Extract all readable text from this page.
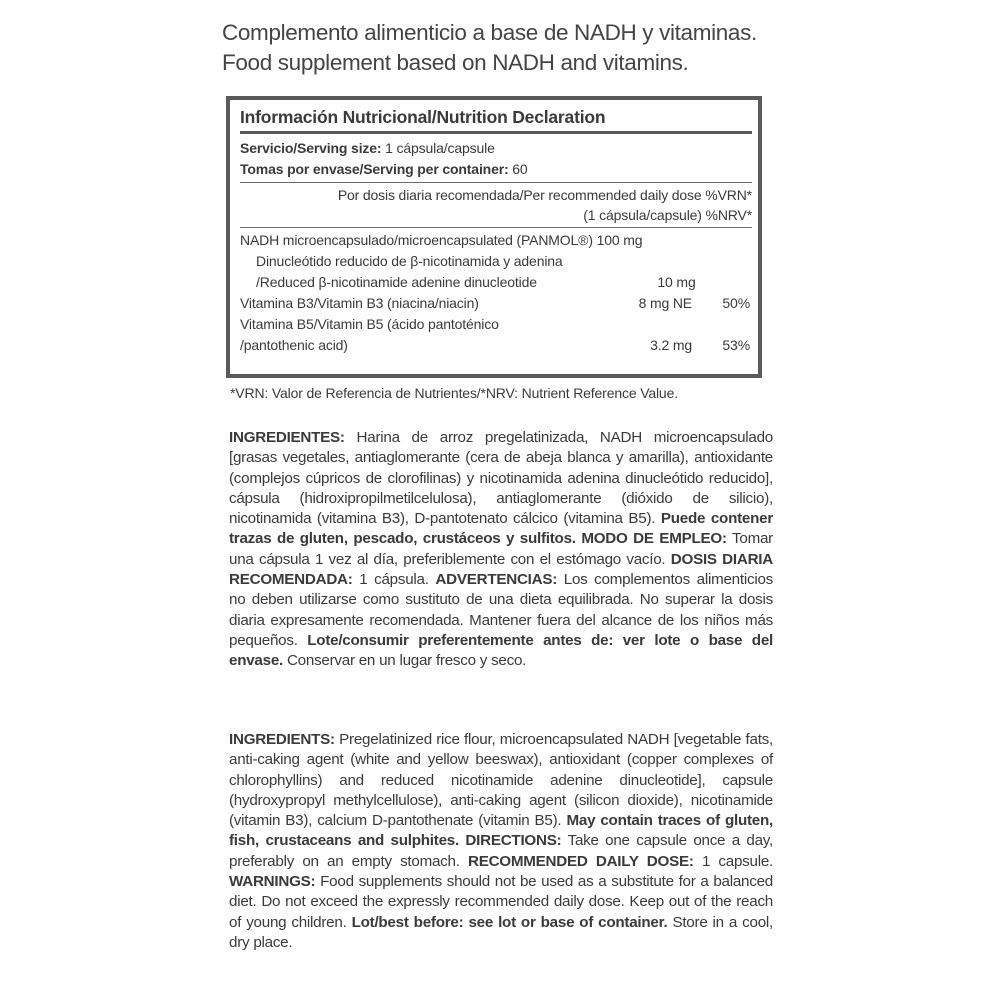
Complemento alimenticio a base de NADH y vitaminas.
Food supplement based on NADH and vitamins.
Información Nutricional/Nutrition Declaration
Servicio/Serving size: 1 cápsula/capsule
Tomas por envase/Serving per container: 60
Por dosis diaria recomendada/Per recommended daily dose %VRN*
(1 cápsula/capsule) %NRV*
NADH microencapsulado/microencapsulated (PANMOL®) 100 mg
Dinucleótido reducido de β-nicotinamida y adenina
/Reduced β-nicotinamide adenine dinucleotide	10 mg
Vitamina B3/Vitamin B3 (niacina/niacin)	8 mg NE	50%
Vitamina B5/Vitamin B5 (ácido pantoténico
/pantothenic acid)	3.2 mg	53%
*VRN: Valor de Referencia de Nutrientes/*NRV: Nutrient Reference Value.
INGREDIENTES: Harina de arroz pregelatinizada, NADH microencapsulado [grasas vegetales, antiaglomerante (cera de abeja blanca y amarilla), antioxidante (complejos cúpricos de clorofilinas) y nicotinamida adenina dinucleótido reducido], cápsula (hidroxipropilmetilcelulosa), antiaglomerante (dióxido de silicio), nicotinamida (vitamina B3), D-pantotenato cálcico (vitamina B5). Puede contener trazas de gluten, pescado, crustáceos y sulfitos. MODO DE EMPLEO: Tomar una cápsula 1 vez al día, preferiblemente con el estómago vacío. DOSIS DIARIA RECOMENDADA: 1 cápsula. ADVERTENCIAS: Los complementos alimenticios no deben utilizarse como sustituto de una dieta equilibrada. No superar la dosis diaria expresamente recomendada. Mantener fuera del alcance de los niños más pequeños. Lote/consumir preferentemente antes de: ver lote o base del envase. Conservar en un lugar fresco y seco.
INGREDIENTS: Pregelatinized rice flour, microencapsulated NADH [vegetable fats, anti-caking agent (white and yellow beeswax), antioxidant (copper complexes of chlorophyllins) and reduced nicotinamide adenine dinucleotide], capsule (hydroxypropyl methylcellulose), anti-caking agent (silicon dioxide), nicotinamide (vitamin B3), calcium D-pantothenate (vitamin B5). May contain traces of gluten, fish, crustaceans and sulphites. DIRECTIONS: Take one capsule once a day, preferably on an empty stomach. RECOMMENDED DAILY DOSE: 1 capsule. WARNINGS: Food supplements should not be used as a substitute for a balanced diet. Do not exceed the expressly recommended daily dose. Keep out of the reach of young children. Lot/best before: see lot or base of container. Store in a cool, dry place.
